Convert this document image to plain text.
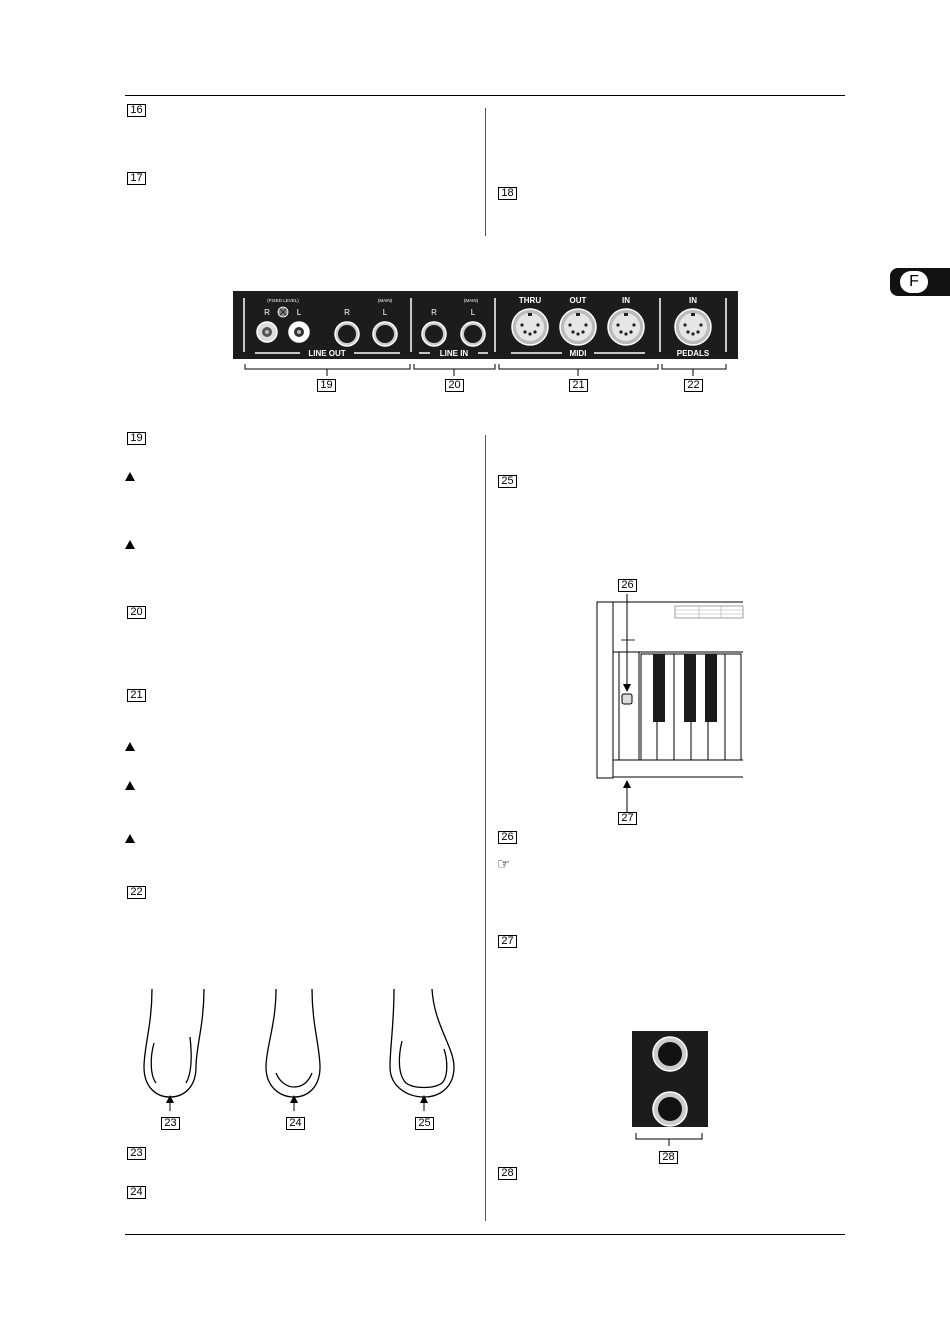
F
16
17
18
(FIXED LEVEL)	(MAIN)
R	L	R	L
LINE OUT
(MAIN)
R	L
LINE IN
THRU	OUT	IN
MIDI
IN
PEDALS
19	20	21	22
19
20
21
22
23	24	25
23
24
25
26
27
26
☞
27
28
28
